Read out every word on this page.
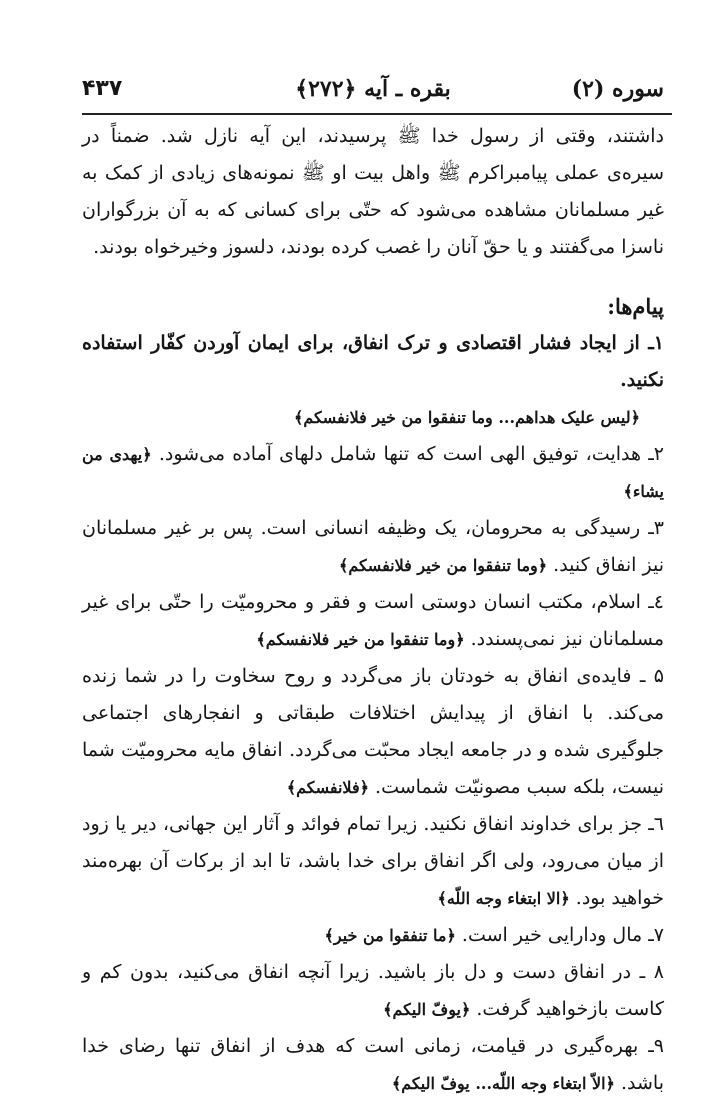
سوره (۲)
بقره ـ آیه ﴿۲۷۲﴾
۴۳۷

داشتند، وقتی از رسول خدا ﷺ پرسیدند، این آیه نازل شد. ضمناً در سیره‌ی عملی پیامبراکرم ﷺ واهل بیت او ﷺ نمونه‌های زیادی از کمک به غیر مسلمانان مشاهده می‌شود که حتّی برای کسانی که به آن بزرگواران ناسزا می‌گفتند و یا حقّ آنان را غصب کرده بودند، دلسوز وخیرخواه بودند.

پیام‌ها:

۱ـ از ایجاد فشار اقتصادی و ترک انفاق، برای ایمان آوردن کفّار استفاده نکنید.

﴿لیس علیک هداهم... وما تنفقوا من خیر فلانفسکم﴾

۲ـ هدایت، توفیق الهی است که تنها شامل دلهای آماده می‌شود. ﴿یهدی من یشاء﴾

۳ـ رسیدگی به محرومان، یک وظیفه انسانی است. پس بر غیر مسلمانان نیز انفاق کنید. ﴿وما تنفقوا من خیر فلانفسکم﴾

٤ـ اسلام، مکتب انسان دوستی است و فقر و محرومیّت را حتّی برای غیر مسلمانان نیز نمی‌پسندد. ﴿وما تنفقوا من خیر فلانفسکم﴾

۵ ـ فایده‌ی انفاق به خودتان باز می‌گردد و روح سخاوت را در شما زنده می‌کند. با انفاق از پیدایش اختلافات طبقاتی و انفجارهای اجتماعی جلوگیری شده و در جامعه ایجاد محبّت می‌گردد. انفاق مایه محرومیّت شما نیست، بلکه سبب مصونیّت شماست. ﴿فلانفسکم﴾

٦ـ جز برای خداوند انفاق نکنید. زیرا تمام فوائد و آثار این جهانی، دیر یا زود از میان می‌رود، ولی اگر انفاق برای خدا باشد، تا ابد از برکات آن بهره‌مند خواهید بود. ﴿الا ابتغاء وجه اللّه﴾

۷ـ مال ودارایی خیر است. ﴿ما تنفقوا من خیر﴾

۸ ـ در انفاق دست و دل باز باشید. زیرا آنچه انفاق می‌کنید، بدون کم و کاست بازخواهید گرفت. ﴿یوفّ الیکم﴾

۹ـ بهره‌گیری در قیامت، زمانی است که هدف از انفاق تنها رضای خدا باشد. ﴿الاّ ابتغاء وجه اللّه... یوفّ الیکم﴾
